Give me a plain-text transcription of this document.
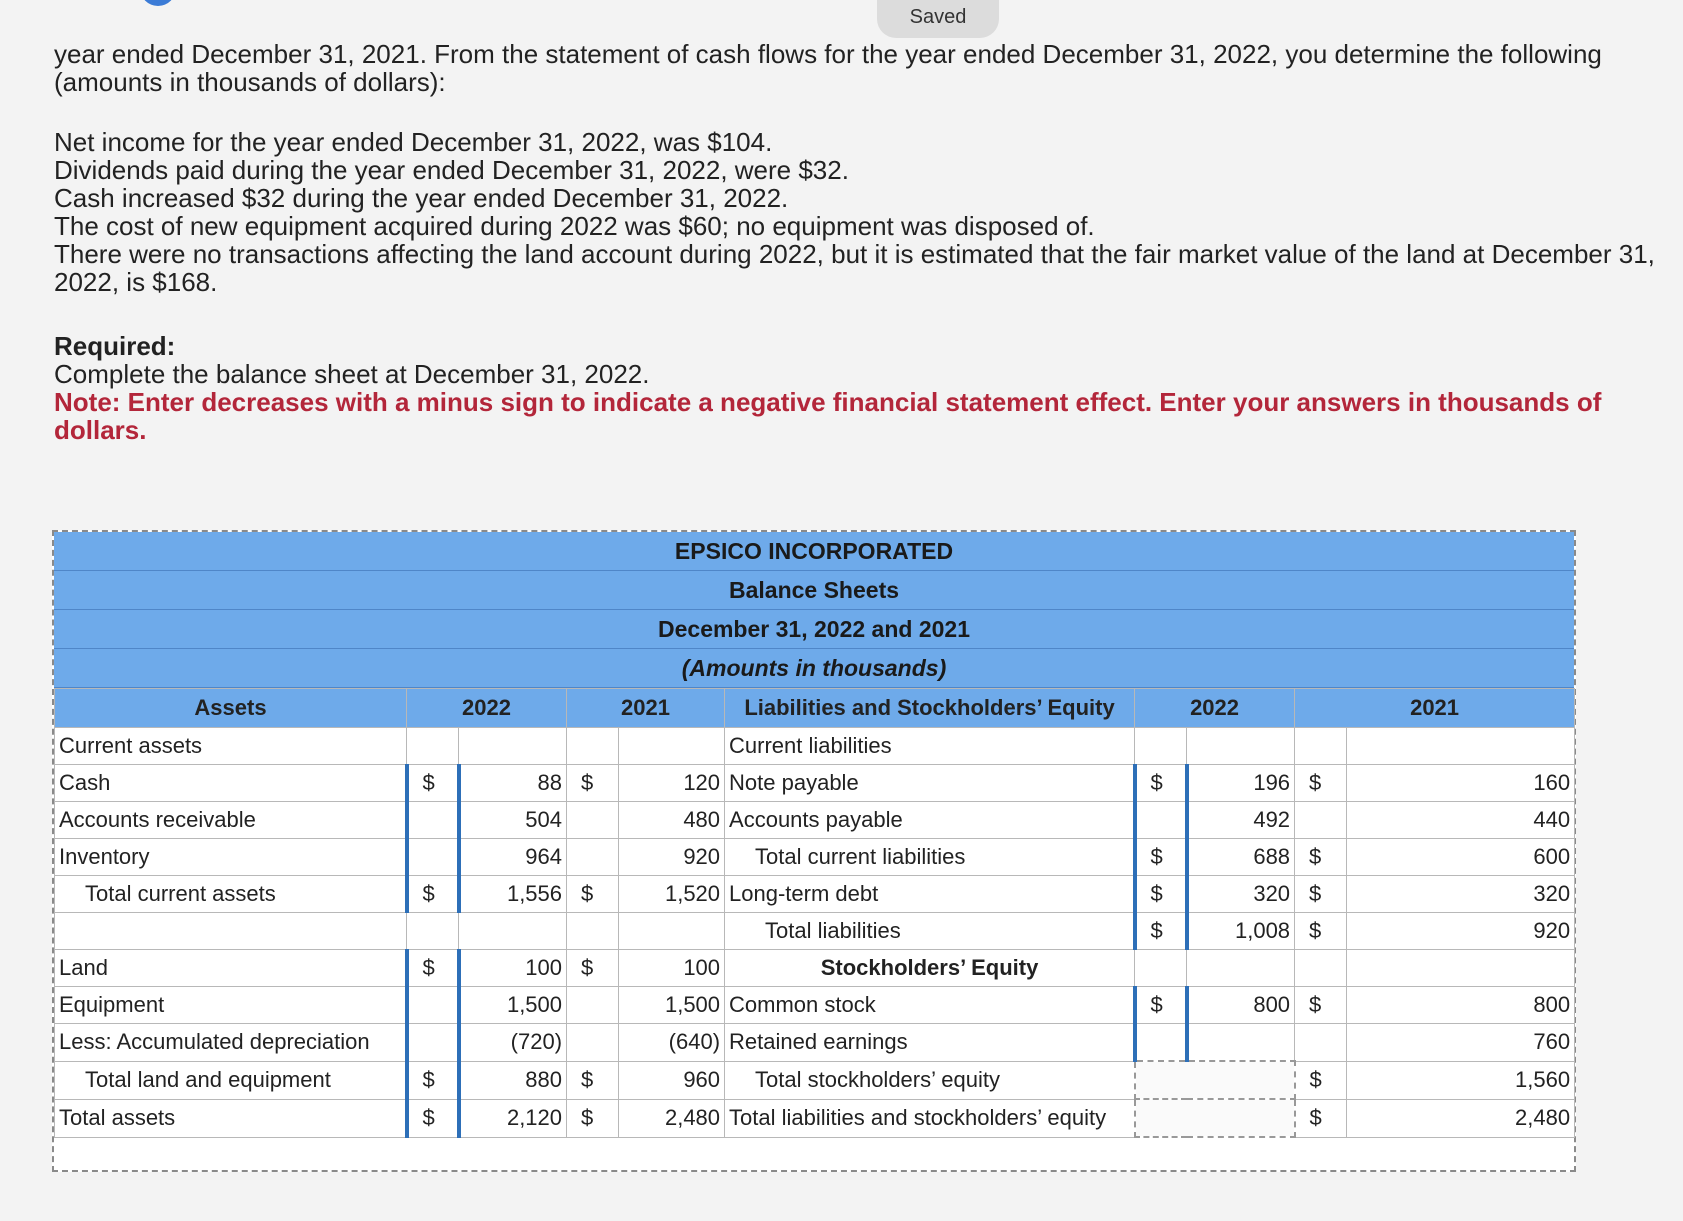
Saved

year ended December 31, 2021. From the statement of cash flows for the year ended December 31, 2022, you determine the following (amounts in thousands of dollars):

Net income for the year ended December 31, 2022, was $104.

Dividends paid during the year ended December 31, 2022, were $32.

Cash increased $32 during the year ended December 31, 2022.

The cost of new equipment acquired during 2022 was $60; no equipment was disposed of.

There were no transactions affecting the land account during 2022, but it is estimated that the fair market value of the land at December 31, 2022, is $168.

Required:

Complete the balance sheet at December 31, 2022.

Note: Enter decreases with a minus sign to indicate a negative financial statement effect. Enter your answers in thousands of dollars.

EPSICO INCORPORATED
Balance Sheets
December 31, 2022 and 2021
(Amounts in thousands)
Assets	2022		2021		Liabilities and Stockholders’ Equity	2022		2021	
Current assets					Current liabilities				
Cash	$	88	$	120	Note payable	$	196	$	160
Accounts receivable		504		480	Accounts payable		492		440
Inventory		964		920	Total current liabilities	$	688	$	600
Total current assets	$	1,556	$	1,520	Long-term debt	$	320	$	320
					Total liabilities	$	1,008	$	920
Land	$	100	$	100	Stockholders’ Equity				
Equipment		1,500		1,500	Common stock	$	800	$	800
Less: Accumulated depreciation		(720)		(640)	Retained earnings				760
Total land and equipment	$	880	$	960	Total stockholders’ equity			$	1,560
Total assets	$	2,120	$	2,480	Total liabilities and stockholders’ equity			$	2,480
